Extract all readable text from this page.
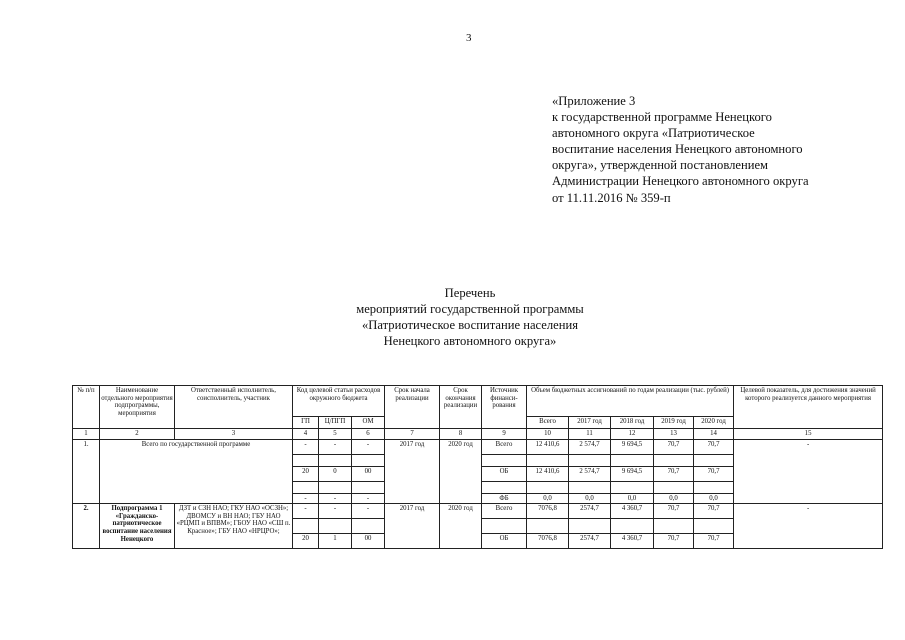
3
«Приложение 3
к государственной программе Ненецкого
автономного округа «Патриотическое
воспитание населения Ненецкого автономного
округа», утвержденной постановлением
Администрации Ненецкого автономного округа
от 11.11.2016 № 359-п
Перечень
мероприятий государственной программы
«Патриотическое воспитание населения
Ненецкого автономного округа»
№ п/п	Наименование отдельного мероприятия подпрограммы, мероприятия	Ответственный исполнитель, соисполнитель, участник	Код целевой статьи расходов окружного бюджета			Срок начала реализации	Срок окончания реализации	Источник финанси-рования	Объем бюджетных ассигнований по годам реализации (тыс. рублей)					Целевой показатель, для достижения значений которого реализуется данного мероприятия
			ГП	Ц/ПГП	ОМ				Всего	2017 год	2018 год	2019 год	2020 год	
1	2	3	4	5	6	7	8	9	10	11	12	13	14	15
1.	Всего по государственной программе		-	-	-	2017 год	2020 год	Всего	12 410,6	2 574,7	9 694,5	70,7	70,7	-

			20	0	00			ОБ	12 410,6	2 574,7	9 694,5	70,7	70,7	

			-	-	-			ФБ	0,0	0,0	0,0	0,0	0,0	
2.	Подпрограмма 1 «Гражданско-патриотическое воспитание населения Ненецкого	ДЗТ и СЗН НАО; ГКУ НАО «ОСЗН»; ДВОМСУ и ВН НАО; ГБУ НАО «РЦМП и ВПВМ»; ГБОУ НАО «СШ п. Красное»; ГБУ НАО «НРЦРО»;	-	-	-	2017 год	2020 год	Всего	7076,8	2574,7	4 360,7	70,7	70,7	-

			20	1	00			ОБ	7076,8	2574,7	4 360,7	70,7	70,7	
